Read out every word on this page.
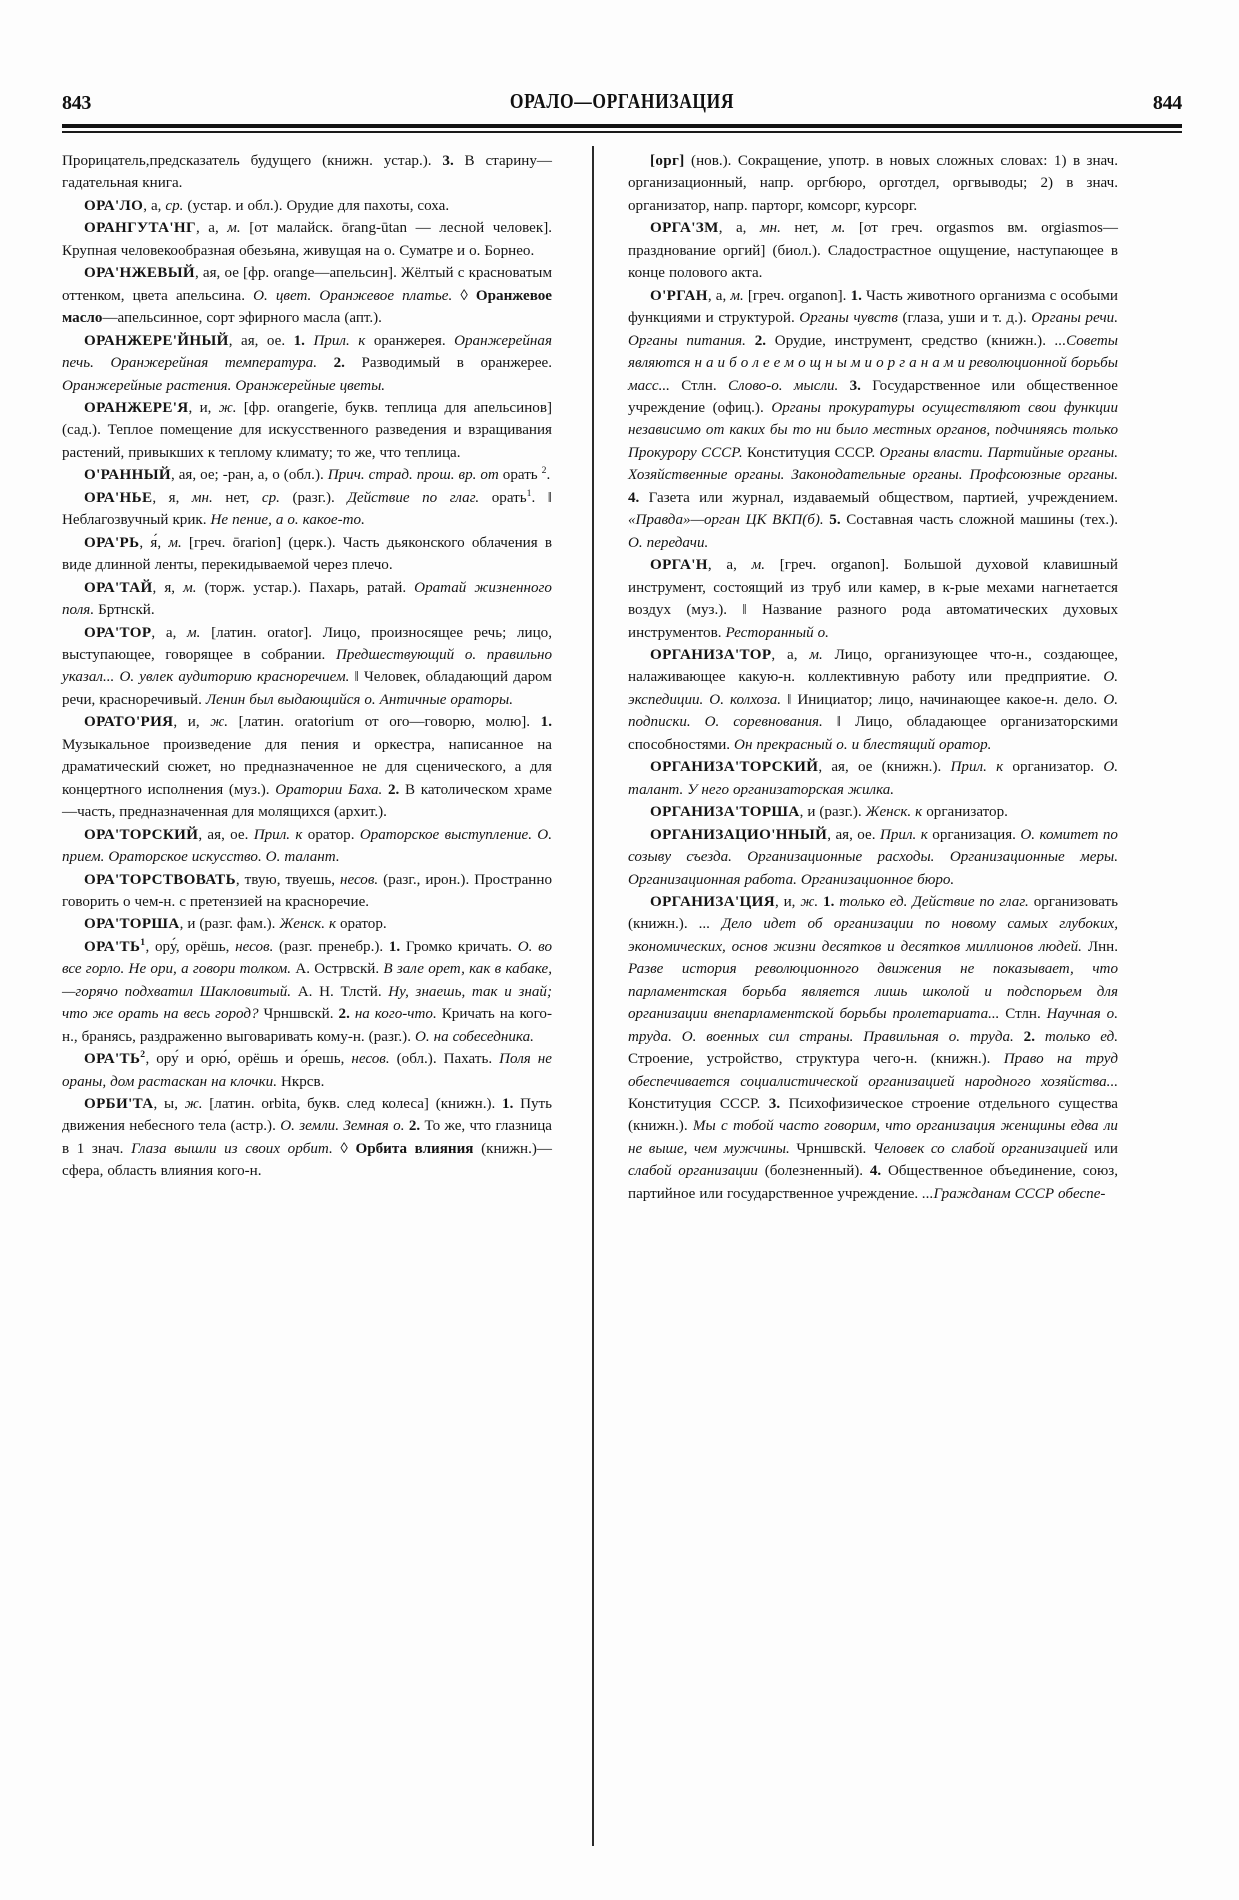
843	ОРАЛО—ОРГАНИЗАЦИЯ	844

Прорицатель,предсказатель будущего (книжн. устар.). 3. В старину—гадательная книга.

ОРА'ЛО, а, ср. (устар. и обл.). Орудие для пахоты, соха.

ОРАНГУТА'НГ, а, м. [от малайск. ōrang-ūtan — лесной человек]. Крупная человекообразная обезьяна, живущая на о. Суматре и о. Борнео.

ОРА'НЖЕВЫЙ, ая, ое [фр. orange—апельсин]. Жёлтый с красноватым оттенком, цвета апельсина. О. цвет. Оранжевое платье. ◊ Оранжевое масло—апельсинное, сорт эфирного масла (апт.).

ОРАНЖЕРЕ'ЙНЫЙ, ая, ое. 1. Прил. к оранжерея. Оранжерейная печь. Оранжерейная температура. 2. Разводимый в оранжерее. Оранжерейные растения. Оранжерейные цветы.

ОРАНЖЕРЕ'Я, и, ж. [фр. orangerie, букв. теплица для апельсинов] (сад.). Теплое помещение для искусственного разведения и взращивания растений, привыкших к теплому климату; то же, что теплица.

О'РАННЫЙ, ая, ое; -ран, а, о (обл.). Прич. страд. прош. вр. от орать $^2$.

ОРА'НЬЕ, я, мн. нет, ср. (разг.). Действие по глаг. орать$^1$. ‖ Неблагозвучный крик. Не пение, а о. какое-то.

ОРА'РЬ, я́, м. [греч. ōrarion] (церк.). Часть дьяконского облачения в виде длинной ленты, перекидываемой через плечо.

ОРА'ТАЙ, я, м. (торж. устар.). Пахарь, ратай. Оратай жизненного поля. Бртнскй.

ОРА'ТОР, а, м. [латин. orator]. Лицо, произносящее речь; лицо, выступающее, говорящее в собрании. Предшествующий о. правильно указал... О. увлек аудиторию красноречием. ‖ Человек, обладающий даром речи, красноречивый. Ленин был выдающийся о. Античные ораторы.

ОРАТО'РИЯ, и, ж. [латин. oratorium от oro—говорю, молю]. 1. Музыкальное произведение для пения и оркестра, написанное на драматический сюжет, но предназначенное не для сценического, а для концертного исполнения (муз.). Оратории Баха. 2. В католическом храме—часть, предназначенная для молящихся (архит.).

ОРА'ТОРСКИЙ, ая, ое. Прил. к оратор. Ораторское выступление. О. прием. Ораторское искусство. О. талант.

ОРА'ТОРСТВОВАТЬ, твую, твуешь, несов. (разг., ирон.). Пространно говорить о чем-н. с претензией на красноречие.

ОРА'ТОРША, и (разг. фам.). Женск. к оратор.

$ОРА'ТЬ^1$, ору́, орёшь, несов. (разг. пренебр.). 1. Громко кричать. О. во все горло. Не ори, а говори толком. А. Острвскй. В зале орет, как в кабаке,—горячо подхватил Шакловитый. А. Н. Тлстй. Ну, знаешь, так и знай; что же орать на весь город? Чрншвскй. 2. на кого-что. Кричать на кого-н., бранясь, раздраженно выговаривать кому-н. (разг.). О. на собеседника.

$ОРА'ТЬ^2$, ору́ и орю́, орёшь и о́решь, несов. (обл.). Пахать. Поля не ораны, дом растаскан на клочки. Нкрсв.

ОРБИ'ТА, ы, ж. [латин. orbita, букв. след колеса] (книжн.). 1. Путь движения небесного тела (астр.). О. земли. Земная о. 2. То же, что глазница в 1 знач. Глаза вышли из своих орбит. ◊ Орбита влияния (книжн.)—сфера, область влияния кого-н.

[орг] (нов.). Сокращение, употр. в новых сложных словах: 1) в знач. организационный, напр. оргбюро, орготдел, оргвыводы; 2) в знач. организатор, напр. парторг, комсорг, курсорг.

ОРГА'ЗМ, а, мн. нет, м. [от греч. orgasmos вм. orgiasmos—празднование оргий] (биол.). Сладострастное ощущение, наступающее в конце полового акта.

О'РГАН, а, м. [греч. organon]. 1. Часть животного организма с особыми функциями и структурой. Органы чувств (глаза, уши и т. д.). Органы речи. Органы питания. 2. Орудие, инструмент, средство (книжн.). ...Советы являются н а и б о л е е м о щ н ы м и о р г а н а м и революционной борьбы масс... Стлн. Слово-о. мысли. 3. Государственное или общественное учреждение (офиц.). Органы прокуратуры осуществляют свои функции независимо от каких бы то ни было местных органов, подчиняясь только Прокурору СССР. Конституция СССР. Органы власти. Партийные органы. Хозяйственные органы. Законодательные органы. Профсоюзные органы. 4. Газета или журнал, издаваемый обществом, партией, учреждением. «Правда»—орган ЦК ВКП(б). 5. Составная часть сложной машины (тех.). О. передачи.

ОРГА'Н, а, м. [греч. organon]. Большой духовой клавишный инструмент, состоящий из труб или камер, в к-рые мехами нагнетается воздух (муз.). ‖ Название разного рода автоматических духовых инструментов. Ресторанный о.

ОРГАНИЗА'ТОР, а, м. Лицо, организующее что-н., создающее, налаживающее какую-н. коллективную работу или предприятие. О. экспедиции. О. колхоза. ‖ Инициатор; лицо, начинающее какое-н. дело. О. подписки. О. соревнования. ‖ Лицо, обладающее организаторскими способностями. Он прекрасный о. и блестящий оратор.

ОРГАНИЗА'ТОРСКИЙ, ая, ое (книжн.). Прил. к организатор. О. талант. У него организаторская жилка.

ОРГАНИЗА'ТОРША, и (разг.). Женск. к организатор.

ОРГАНИЗАЦИО'ННЫЙ, ая, ое. Прил. к организация. О. комитет по созыву съезда. Организационные расходы. Организационные меры. Организационная работа. Организационное бюро.

ОРГАНИЗА'ЦИЯ, и, ж. 1. только ед. Действие по глаг. организовать (книжн.). ... Дело идет об организации по новому самых глубоких, экономических, основ жизни десятков и десятков миллионов людей. Лнн. Разве история революционного движения не показывает, что парламентская борьба является лишь школой и подспорьем для организации внепарламентской борьбы пролетариата... Стлн. Научная о. труда. О. военных сил страны. Правильная о. труда. 2. только ед. Строение, устройство, структура чего-н. (книжн.). Право на труд обеспечивается социалистической организацией народного хозяйства... Конституция СССР. 3. Психофизическое строение отдельного существа (книжн.). Мы с тобой часто говорим, что организация женщины едва ли не выше, чем мужчины. Чрншвскй. Человек со слабой организацией или слабой организации (болезненный). 4. Общественное объединение, союз, партийное или государственное учреждение. ...Гражданам СССР обеспе-
